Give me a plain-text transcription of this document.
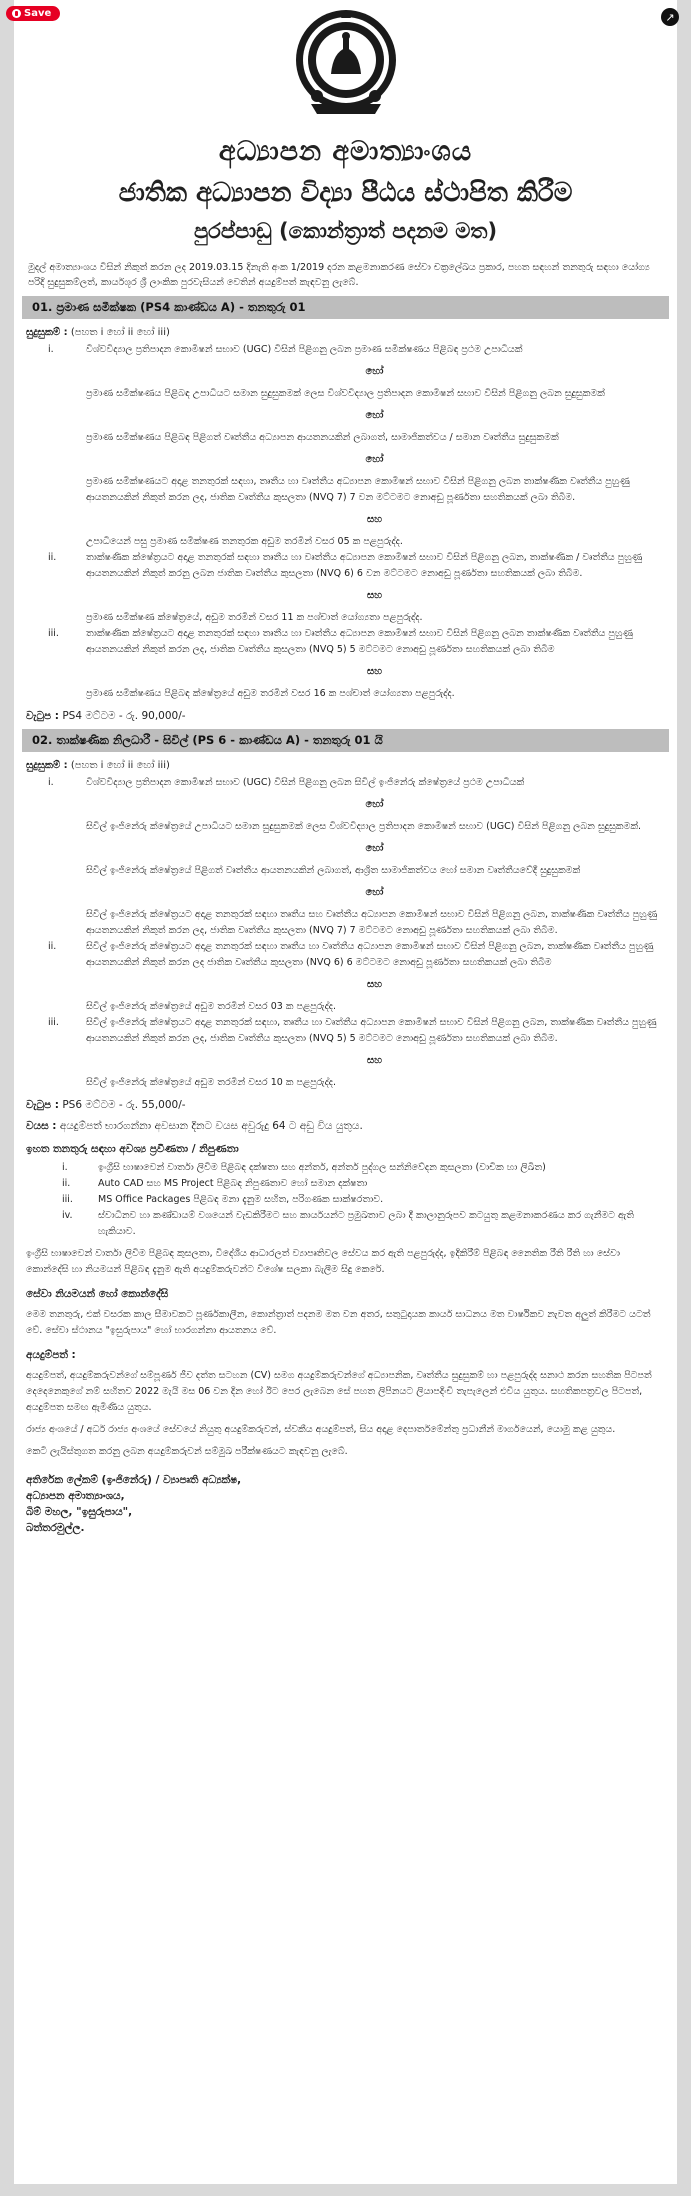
Save	↗
අධ්‍යාපන අමාත්‍යාංශය
ජාතික අධ්‍යාපන විද්‍යා පීඨය ස්ථාපිත කිරීම
පුරප්පාඩු (කොන්ත්‍රාත් පදනම මත)
මුදල් අමාත්‍යාංශය විසින් නිකුත් කරන ලද 2019.03.15 දිනැති අංක 1/2019 දරන කළමනාකරණ සේවා චක්‍රලේඛය ප්‍රකාර, පහත සඳහන් තනතුරු සඳහා යෝග්‍ය පරිදි සුදුසුකම්ලත්, කාර්යශූර ශ්‍රී ලාංකික පුරවැසියන් වෙතින් අයදුම්පත් කැඳවනු ලැබේ.
01. ප්‍රමාණ සමීක්ෂක (PS4 කාණ්ඩය A) - තනතුරු 01
සුදුසුකම් : (පහත i හෝ ii හෝ iii)
i.	විශ්වවිද්‍යාල ප්‍රතිපාදන කොමිෂන් සභාව (UGC) විසින් පිළිගනු ලබන ප්‍රමාණ සමීක්ෂණය පිළිබඳ ප්‍රථම උපාධියක්
හෝ
ප්‍රමාණ සමීක්ෂණය පිළිබඳ උපාධියට සමාන සුදුසුකමක් ලෙස විශ්වවිද්‍යාල ප්‍රතිපාදන කොමිෂන් සභාව විසින් පිළිගනු ලබන සුදුසුකමක්
හෝ
ප්‍රමාණ සමීක්ෂණය පිළිබඳ පිළිගත් වෘත්තීය අධ්‍යාපන ආයතනයකින් ලබාගත්, සාමාජිකත්වය / සමාන වෘත්තීය සුදුසුකමක්
හෝ
ප්‍රමාණ සමීක්ෂණයට අදාළ තනතුරක් සඳහා, තෘතීය හා වෘත්තීය අධ්‍යාපන කොමිෂන් සභාව විසින් පිළිගනු ලබන තාක්ෂණික වෘත්තීය පුහුණු ආයතනයකින් නිකුත් කරන ලද, ජාතික වෘත්තීය කුසලතා (NVQ 7) 7 වන මට්ටමට නොඅඩු පූර්ණතා සහතිකයක් ලබා තිබීම.
සහ
උපාධියෙන් පසු ප්‍රමාණ සමීක්ෂණ තනතුරක අඩුම තරමින් වසර 05 ක පළපුරුද්ද.
ii.	තාක්ෂණික ක්ෂේත්‍රයට අදාළ තනතුරක් සඳහා තෘතීය හා වෘත්තීය අධ්‍යාපන කොමිෂන් සභාව විසින් පිළිගනු ලබන, තාක්ෂණික / වෘත්තීය පුහුණු ආයතනයකින් නිකුත් කරනු ලබන ජාතික වෘත්තීය කුසලතා (NVQ 6) 6 වන මට්ටමට නොඅඩු පූර්ණතා සහතිකයක් ලබා තිබීම.
සහ
ප්‍රමාණ සමීක්ෂණ ක්ෂේත්‍රයේ, අඩුම තරමින් වසර 11 ක පශ්චාත් යෝග්‍යතා පළපුරුද්ද.
iii.	තාක්ෂණික ක්ෂේත්‍රයට අදාළ තනතුරක් සඳහා තෘතීය හා වෘත්තීය අධ්‍යාපන කොමිෂන් සභාව විසින් පිළිගනු ලබන තාක්ෂණික වෘත්තීය පුහුණු ආයතනයකින් නිකුත් කරන ලද, ජාතික වෘත්තීය කුසලතා (NVQ 5) 5 මට්ටමට නොඅඩු පූර්ණතා සහතිකයක් ලබා තිබීම
සහ
ප්‍රමාණ සමීක්ෂණය පිළිබඳ ක්ෂේත්‍රයේ අඩුම තරමින් වසර 16 ක පශ්චාත් යෝග්‍යතා පළපුරුද්ද.
වැටුප : PS4 මට්ටම - රු. 90,000/-
02. තාක්ෂණික නිලධාරී - සිවිල් (PS 6 - කාණ්ඩය A) - තනතුරු 01 යි
සුදුසුකම් : (පහත i හෝ ii හෝ iii)
i.	විශ්වවිද්‍යාල ප්‍රතිපාදන කොමිෂන් සභාව (UGC) විසින් පිළිගනු ලබන සිවිල් ඉංජිනේරු ක්ෂේත්‍රයේ ප්‍රථම උපාධියක්
හෝ
සිවිල් ඉංජිනේරු ක්ෂේත්‍රයේ උපාධියට සමාන සුදුසුකමක් ලෙස විශ්වවිද්‍යාල ප්‍රතිපාදන කොමිෂන් සභාව (UGC) විසින් පිළිගනු ලබන සුදුසුකමක්.
හෝ
සිවිල් ඉංජිනේරු ක්ෂේත්‍රයේ පිළිගත් වෘත්තීය ආයතනයකින් ලබාගත්, ආශ්‍රිත සාමාජිකත්වය හෝ සමාන වෘත්තීයවේදී සුදුසුකමක්
හෝ
සිවිල් ඉංජිනේරු ක්ෂේත්‍රයට අදාළ තනතුරක් සඳහා තෘතීය සහ වෘත්තීය අධ්‍යාපන කොමිෂන් සභාව විසින් පිළිගනු ලබන, තාක්ෂණික වෘත්තීය පුහුණු ආයතනයකින් නිකුත් කරන ලද, ජාතික වෘත්තීය කුසලතා (NVQ 7) 7 මට්ටමට නොඅඩු පූර්ණතා සහතිකයක් ලබා තිබීම.
ii.	සිවිල් ඉංජිනේරු ක්ෂේත්‍රයට අදාළ තනතුරක් සඳහා තෘතීය හා වෘත්තීය අධ්‍යාපන කොමිෂන් සභාව විසින් පිළිගනු ලබන, තාක්ෂණික වෘත්තීය පුහුණු ආයතනයකින් නිකුත් කරන ලද ජාතික වෘත්තීය කුසලතා (NVQ 6) 6 මට්ටමට නොඅඩු පූර්ණතා සහතිකයක් ලබා තිබීම
සහ
සිවිල් ඉංජිනේරු ක්ෂේත්‍රයේ අඩුම තරමින් වසර 03 ක පළපුරුද්ද.
iii.	සිවිල් ඉංජිනේරු ක්ෂේත්‍රයට අදාළ තනතුරක් සඳහා, තෘතීය හා වෘත්තීය අධ්‍යාපන කොමිෂන් සභාව විසින් පිළිගනු ලබන, තාක්ෂණික වෘත්තීය පුහුණු ආයතනයකින් නිකුත් කරන ලද, ජාතික වෘත්තීය කුසලතා (NVQ 5) 5 මට්ටමට නොඅඩු පූර්ණතා සහතිකයක් ලබා තිබීම.
සහ
සිවිල් ඉංජිනේරු ක්ෂේත්‍රයේ අඩුම තරමින් වසර 10 ක පළපුරුද්ද.
වැටුප : PS6 මට්ටම - රු. 55,000/-
වයස : අයදුම්පත් භාරගන්නා අවසාන දිනට වයස අවුරුදු 64 ට අඩු විය යුතුය.
ඉහත තනතුරු සඳහා අවශ්‍ය ප්‍රවීණතා / නිපුණතා
i.	ඉංග්‍රීසි භාෂාවෙන් වාර්තා ලිවීම පිළිබඳ දක්ෂතා සහ අන්තර්, අන්තර් පුද්ගල සන්නිවේදන කුසලතා (වාචික හා ලිඛිත)
ii.	Auto CAD සහ MS Project පිළිබඳ නිපුණතාව හෝ සමාන දක්ෂතා
iii.	MS Office Packages පිළිබඳ මනා දැනුම සහිත, පරිගණක සාක්ෂරතාව.
iv.	ස්වාධීනව හා කණ්ඩායම් වශයෙන් වැඩකිරීමට සහ කාර්යයන්ට ප්‍රමුඛතාව ලබා දී කාලානුරූපව කටයුතු කළමනාකරණය කර ගැනීමට ඇති හැකියාව.
ඉංග්‍රීසි භාෂාවෙන් වාර්තා ලිවීම පිළිබඳ කුසලතා, විදේශීය ආධාරලත් ව්‍යාපෘතිවල සේවය කර ඇති පළපුරුද්ද, ඉදිකිරීම් පිළිබඳ නෛතික රීති රීති හා සේවා කොන්දේසි හා නියමයන් පිළිබඳ දැනුම ඇති අයදුම්කරුවන්ට විශේෂ සලකා බැලීම සිදු කෙරේ.
සේවා නියමයන් හෝ කොන්දේසි
මෙම තනතුරු, එක් වසරක කාල සීමාවකට පූර්ණකාලීන, කොන්ත්‍රාත් පදනම මත වන අතර, සතුටුදායක කාර්ය සාධනය මත වාර්ෂිකව නැවත අලුත් කිරීමට යටත් වේ. සේවා ස්ථානය "ඉසුරුපාය" හෝ භාරගන්නා ආයතනය වේ.
අයදුම්පත් :
අයදුම්පත්, අයදුම්කරුවන්ගේ සම්පූර්ණ ජීව දත්ත සටහන (CV) සමග අයදුම්කරුවන්ගේ අධ්‍යාපනික, වෘත්තීය සුදුසුකම් හා පළපුරුද්ද සනාථ කරන සහතික පිටපත් දෙදෙනෙකුගේ නම් සහිතව 2022 මැයි මස 06 වන දින හෝ ඊට පෙර ලැබෙන සේ පහත ලිපිනයට ලියාපදිංචි තැපැලෙන් එවිය යුතුය. සහතිකපත්‍රවල පිටපත්, අයදුම්පත සමඟ ඇමිණිය යුතුය.
රාජ්‍ය අංශයේ / අර්ධ රාජ්‍ය අංශයේ සේවයේ නියුතු අයදුම්කරුවන්, ස්වකීය අයදුම්පත්, සිය අදාළ දෙපාර්තමේන්තු ප්‍රධානීන් මාර්ගයෙන්, යොමු කළ යුතුය.
කෙටි ලැයිස්තුගත කරනු ලබන අයදුම්කරුවන් සම්මුඛ පරීක්ෂණයට කැඳවනු ලැබේ.
අතිරේක ලේකම් (ඉංජිනේරු) / ව්‍යාපෘති අධ්‍යක්ෂ,
අධ්‍යාපන අමාත්‍යාංශය,
බිම් මහල, "ඉසුරුපාය",
බත්තරමුල්ල.
